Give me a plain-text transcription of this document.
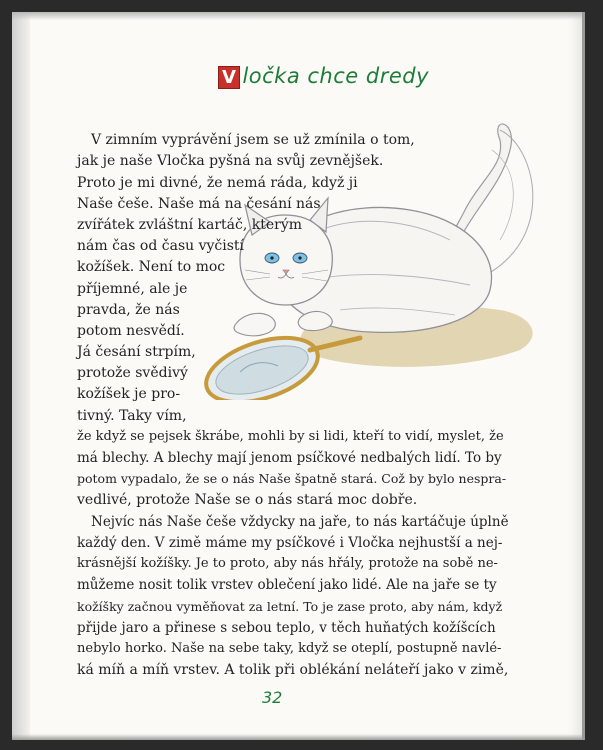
V ločka chce dredy
V zimním vyprávění jsem se už zmínila o tom,
jak je naše Vločka pyšná na svůj zevnějšek.
Proto je mi divné, že nemá ráda, když ji
Naše češe. Naše má na česání nás
zvířátek zvláštní kartáč, kterým
nám čas od času vyčistí
kožíšek. Není to moc
příjemné, ale je
pravda, že nás
potom nesvědí.
Já česání strpím,
protože svědivý
kožíšek je pro-
tivný. Taky vím,
že když se pejsek škrábe, mohli by si lidi, kteří to vidí, myslet, že
má blechy. A blechy mají jenom psíčkové nedbalých lidí. To by
potom vypadalo, že se o nás Naše špatně stará. Což by bylo nespra-
vedlivé, protože Naše se o nás stará moc dobře.
Nejvíc nás Naše češe vždycky na jaře, to nás kartáčuje úplně
každý den. V zimě máme my psíčkové i Vločka nejhustší a nej-
krásnější kožíšky. Je to proto, aby nás hřály, protože na sobě ne-
můžeme nosit tolik vrstev oblečení jako lidé. Ale na jaře se ty
kožíšky začnou vyměňovat za letní. To je zase proto, aby nám, když
přijde jaro a přinese s sebou teplo, v těch huňatých kožíšcích
nebylo horko. Naše na sebe taky, když se oteplí, postupně navlé-
ká míň a míň vrstev. A tolik při oblékání neláteří jako v zimě,
32
